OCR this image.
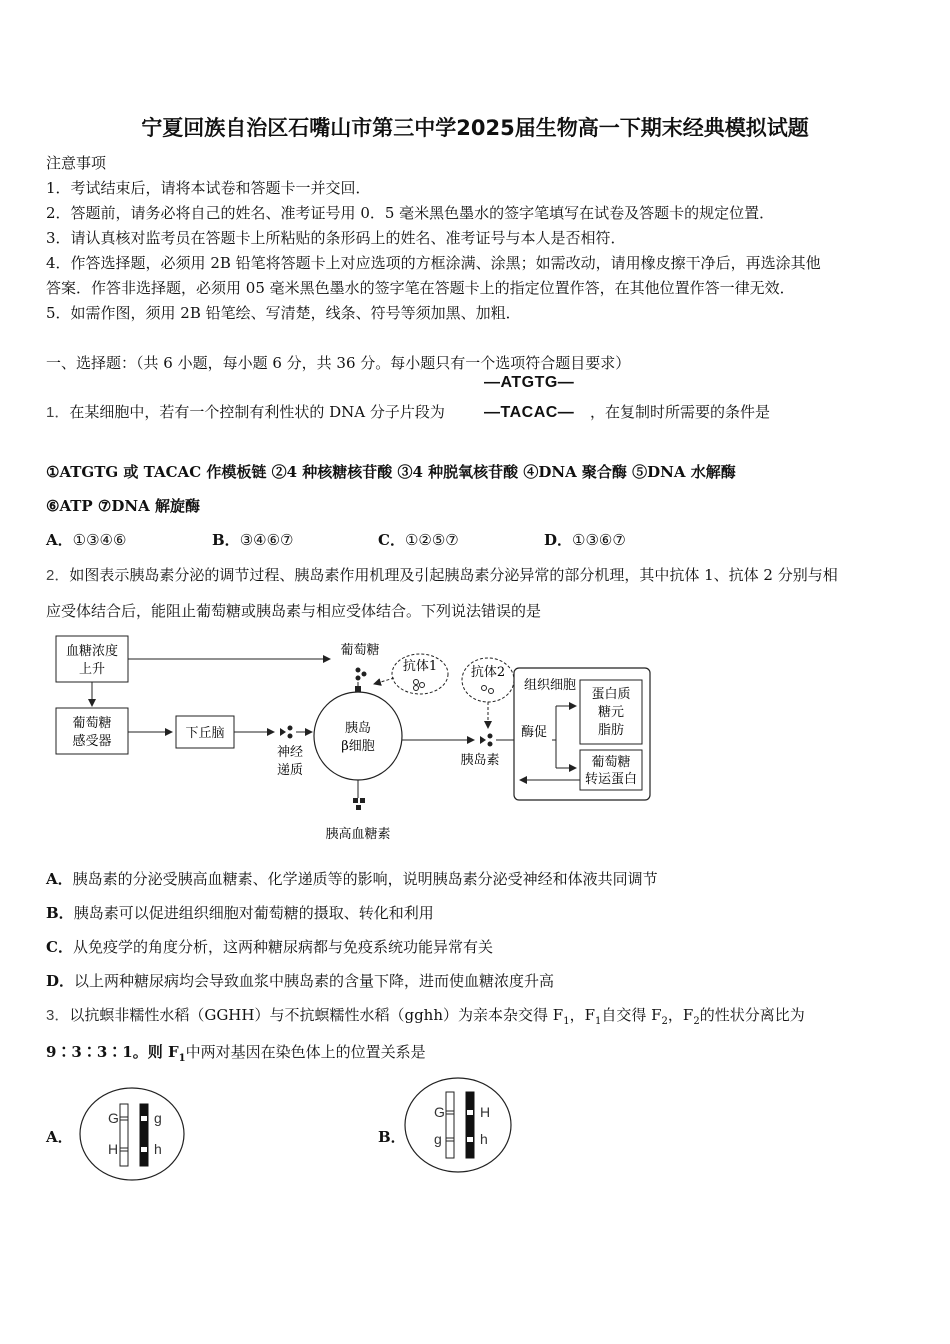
宁夏回族自治区石嘴山市第三中学2025届生物高一下期末经典模拟试题
注意事项
1．考试结束后，请将本试卷和答题卡一并交回．
2．答题前，请务必将自己的姓名、准考证号用 0．5 毫米黑色墨水的签字笔填写在试卷及答题卡的规定位置．
3．请认真核对监考员在答题卡上所粘贴的条形码上的姓名、准考证号与本人是否相符．
4．作答选择题，必须用 2B 铅笔将答题卡上对应选项的方框涂满、涂黑；如需改动，请用橡皮擦干净后，再选涂其他
答案．作答非选择题，必须用 05 毫米黑色墨水的签字笔在答题卡上的指定位置作答，在其他位置作答一律无效．
5．如需作图，须用 2B 铅笔绘、写清楚，线条、符号等须加黑、加粗．
一、选择题：（共 6 小题，每小题 6 分，共 36 分。每小题只有一个选项符合题目要求）
1．在某细胞中，若有一个控制有利性状的 DNA 分子片段为
—ATGTG—
—TACAC— ，在复制时所需要的条件是
①ATGTG 或 TACAC 作模板链 ②4 种核糖核苷酸 ③4 种脱氧核苷酸 ④DNA 聚合酶 ⑤DNA 水解酶
⑥ATP ⑦DNA 解旋酶
A．①③④⑥	B．③④⑥⑦	C．①②⑤⑦	D．①③⑥⑦
2．如图表示胰岛素分泌的调节过程、胰岛素作用机理及引起胰岛素分泌异常的部分机理，其中抗体 1、抗体 2 分别与相
应受体结合后，能阻止葡萄糖或胰岛素与相应受体结合。下列说法错误的是
血糖浓度
上升
葡萄糖
感受器
下丘脑
神经
递质
胰岛
β细胞
葡萄糖
抗体1
胰高血糖素
胰岛素
抗体2
组织细胞
酶促
蛋白质
糖元
脂肪
葡萄糖
转运蛋白
A．胰岛素的分泌受胰高血糖素、化学递质等的影响，说明胰岛素分泌受神经和体液共同调节
B．胰岛素可以促进组织细胞对葡萄糖的摄取、转化和利用
C．从免疫学的角度分析，这两种糖尿病都与免疫系统功能异常有关
D．以上两种糖尿病均会导致血浆中胰岛素的含量下降，进而使血糖浓度升高
3．以抗螟非糯性水稻（GGHH）与不抗螟糯性水稻（gghh）为亲本杂交得 $F_1$，$F_1$自交得 $F_2$，$F_2$的性状分离比为
9∶3∶3∶1。则 $F_1$中两对基因在染色体上的位置关系是
A．
G
H
g
h
B．
G
g
H
h
